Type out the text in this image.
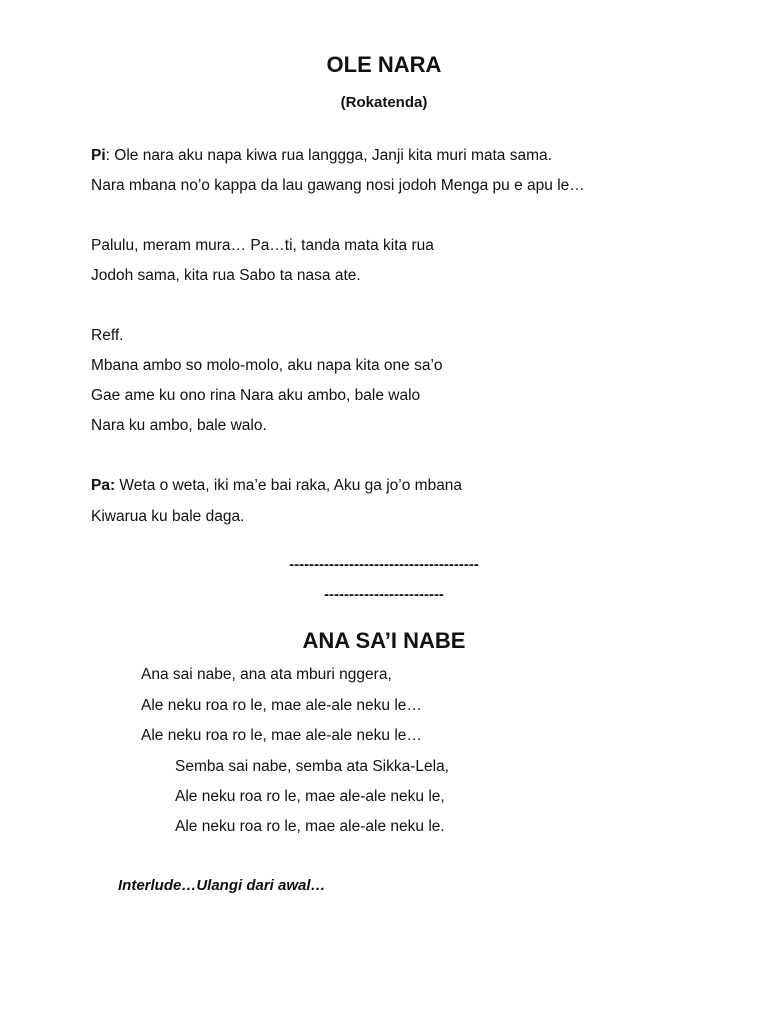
OLE NARA
(Rokatenda)
Pi: Ole nara aku napa kiwa rua langgga, Janji kita muri mata sama.
Nara mbana no’o kappa da lau gawang nosi jodoh Menga pu e apu le…
Palulu, meram mura… Pa…ti, tanda mata kita rua
Jodoh sama, kita rua Sabo ta nasa ate.
Reff.
Mbana ambo so molo-molo, aku napa kita one sa’o
Gae ame ku ono rina Nara aku ambo, bale walo
Nara ku ambo, bale walo.
Pa: Weta o weta, iki ma’e bai raka, Aku ga jo’o mbana
Kiwarua ku bale daga.
--------------------------------------
------------------------
ANA SA’I NABE
Ana sai nabe, ana ata mburi nggera,
Ale neku roa ro le, mae ale-ale neku le…
Ale neku roa ro le, mae ale-ale neku le…
Semba sai nabe, semba ata Sikka-Lela,
Ale neku roa ro le, mae ale-ale neku le,
Ale neku roa ro le, mae ale-ale neku le.
Interlude…Ulangi dari awal…
